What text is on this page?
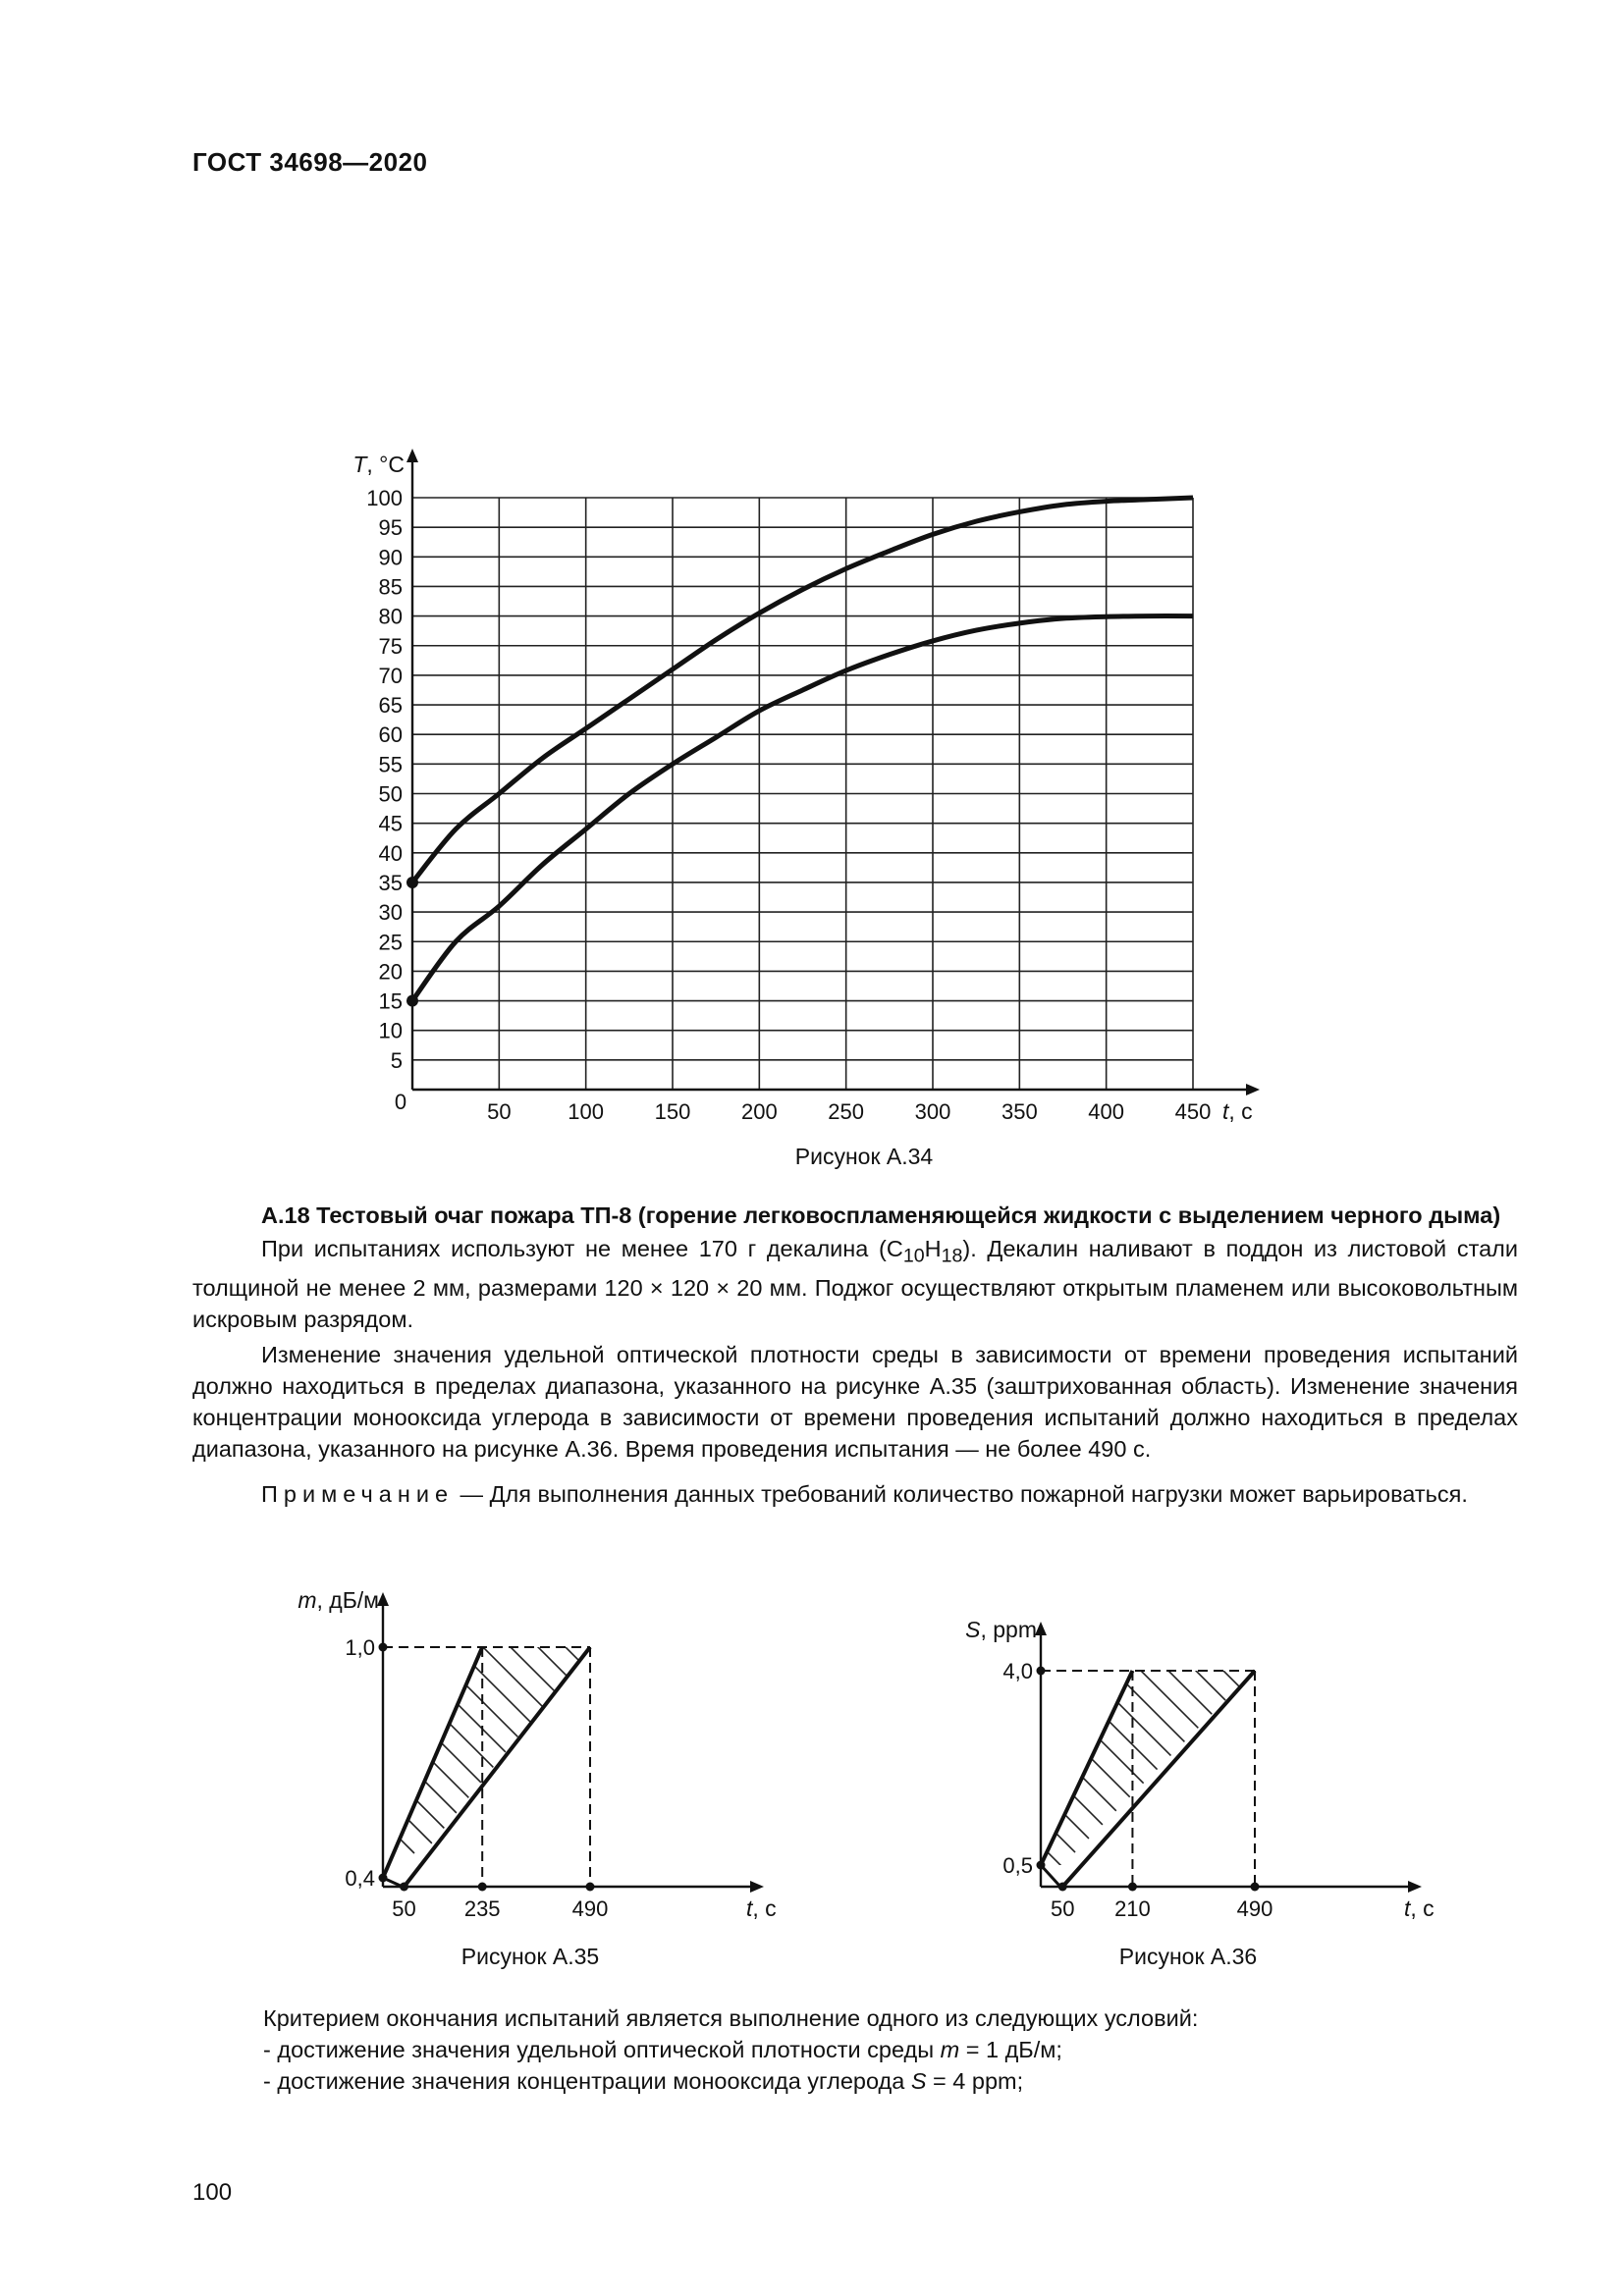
ГОСТ 34698—2020
50	100 150 200 250 300 350 400 450
0
5
10
15
20
25
30
35
40
45
50
55
60
65
70
75
80
85
90
95
100
t, с
T, °C
Рисунок А.34

А.18 Тестовый очаг пожара ТП-8 (горение легковоспламеняющейся жидкости с выделением черного дыма)

При испытаниях используют не менее 170 г декалина $(C_{10}H_{18})$. Декалин наливают в поддон из листовой стали толщиной не менее 2 мм, размерами 120 × 120 × 20 мм. Поджог осуществляют открытым пламенем или высоковольтным искровым разрядом.

Изменение значения удельной оптической плотности среды в зависимости от времени проведения испытаний должно находиться в пределах диапазона, указанного на рисунке А.35 (заштрихованная область). Изменение значения концентрации монооксида углерода в зависимости от времени проведения испытаний должно находиться в пределах диапазона, указанного на рисунке А.36. Время проведения испытания — не более 490 с.

Примечание — Для выполнения данных требований количество пожарной нагрузки может варьироваться.

50 235	490
1,0
0,4
t, с
m, дБ/м
Рисунок А.35
50 210	490
4,0
0,5
t, с
S, ppm
Рисунок А.36
Критерием окончания испытаний является выполнение одного из следующих условий:
- достижение значения удельной оптической плотности среды m = 1 дБ/м;
- достижение значения концентрации монооксида углерода S = 4 ppm;
100
